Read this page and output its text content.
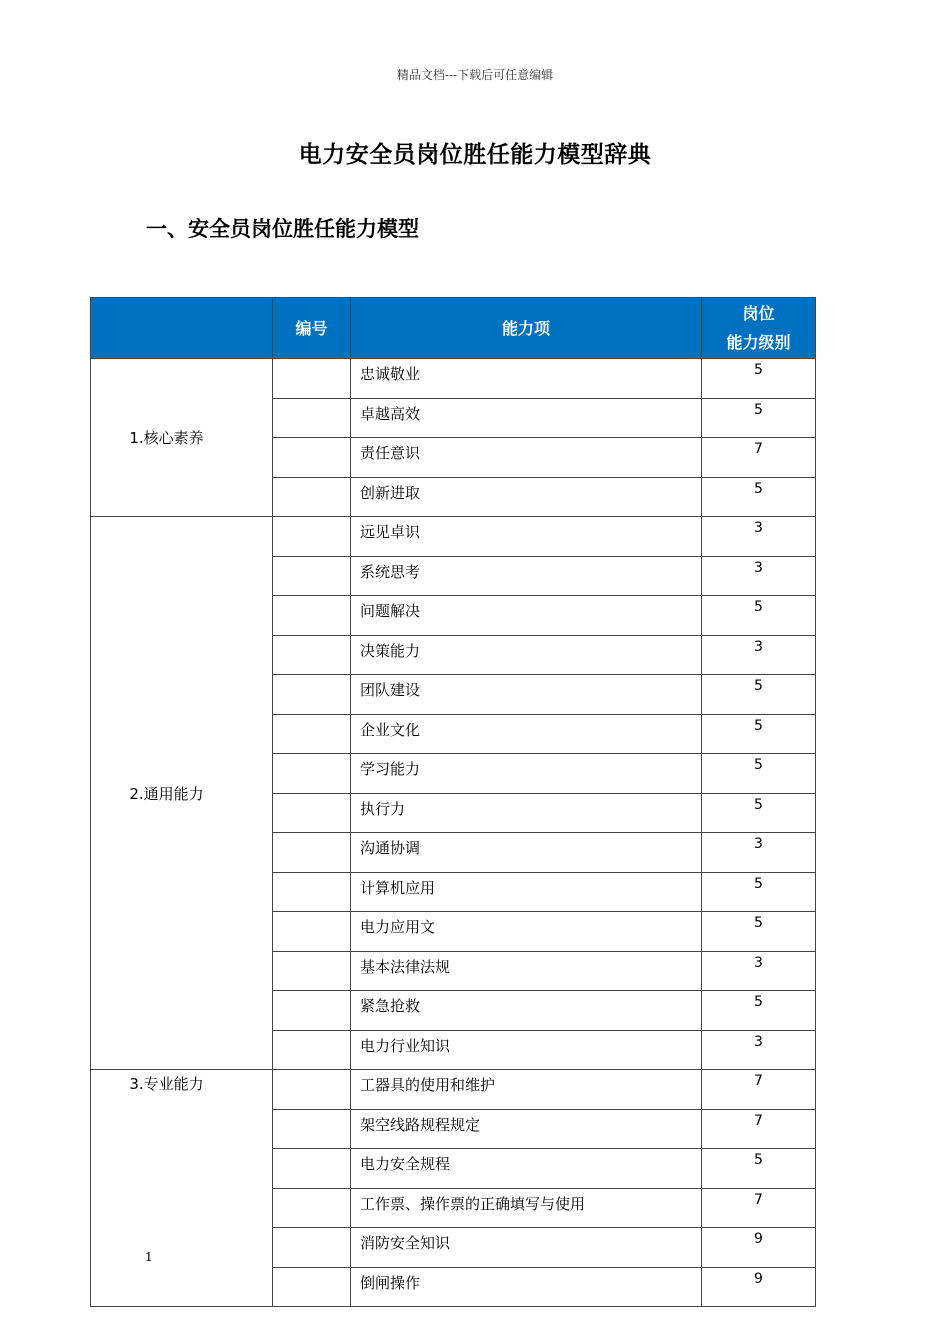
精品文档---下载后可任意编辑
电力安全员岗位胜任能力模型辞典
一、安全员岗位胜任能力模型
	编号	能力项	岗位
能力级别

1.核心素养		忠诚敬业	5
		卓越高效	5
		责任意识	7
		创新进取	5
2.通用能力		远见卓识	3
		系统思考	3
		问题解决	5
		决策能力	3
		团队建设	5
		企业文化	5
		学习能力	5
		执行力	5
		沟通协调	3
		计算机应用	5
		电力应用文	5
		基本法律法规	3
		紧急抢救	5
		电力行业知识	3
3.专业能力		工器具的使用和维护	7
		架空线路规程规定	7
		电力安全规程	5
		工作票、操作票的正确填写与使用	7
		消防安全知识	9
		倒闸操作	9
1
